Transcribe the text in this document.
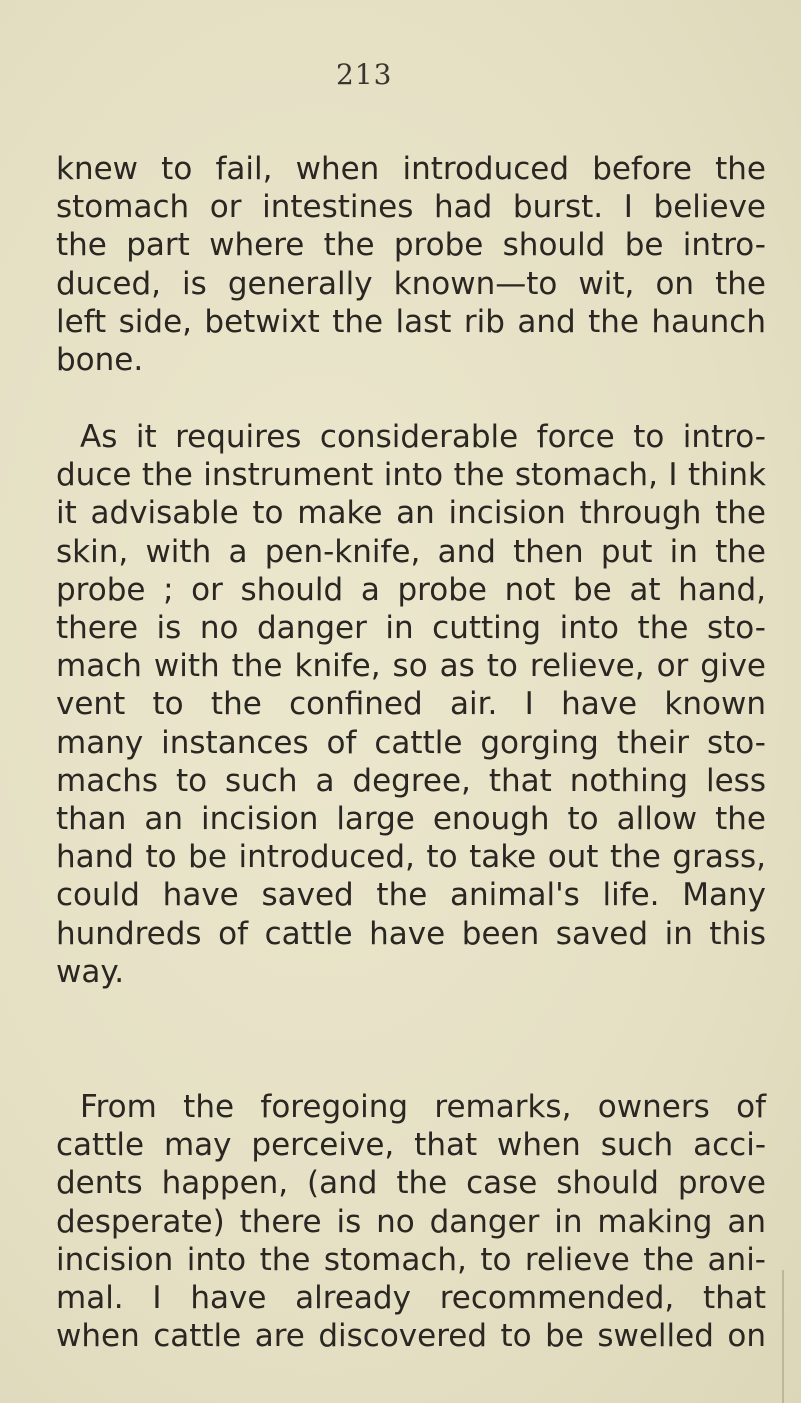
213
knew to fail, when introduced before the
stomach or intestines had burst. I believe
the part where the probe should be intro-
duced, is generally known—to wit, on the
left side, betwixt the last rib and the haunch
bone.
As it requires considerable force to intro-
duce the instrument into the stomach, I think
it advisable to make an incision through the
skin, with a pen-knife, and then put in the
probe ; or should a probe not be at hand,
there is no danger in cutting into the sto-
mach with the knife, so as to relieve, or give
vent to the confined air. I have known
many instances of cattle gorging their sto-
machs to such a degree, that nothing less
than an incision large enough to allow the
hand to be introduced, to take out the grass,
could have saved the animal's life. Many
hundreds of cattle have been saved in this
way.
From the foregoing remarks, owners of
cattle may perceive, that when such acci-
dents happen, (and the case should prove
desperate) there is no danger in making an
incision into the stomach, to relieve the ani-
mal. I have already recommended, that
when cattle are discovered to be swelled on
